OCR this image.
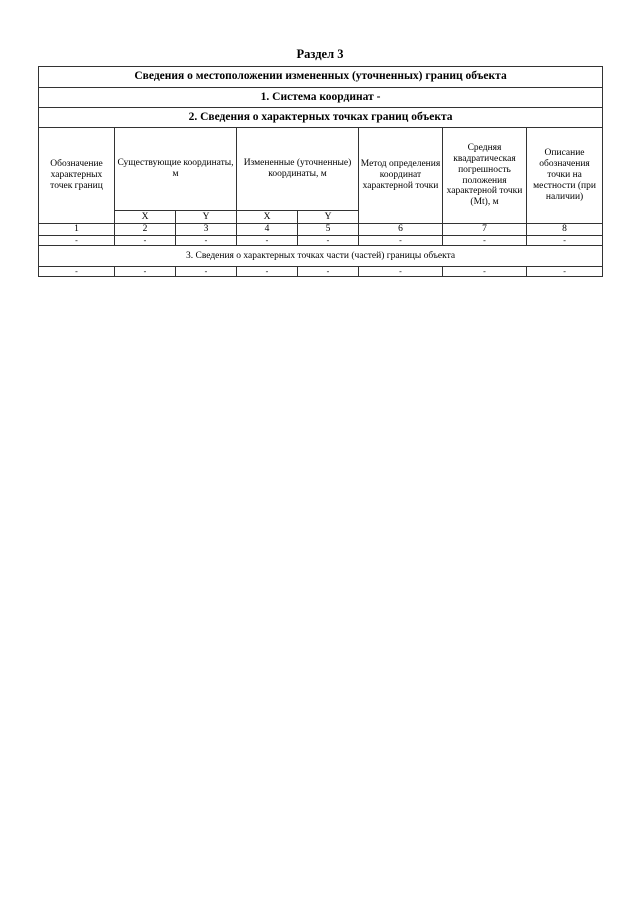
Раздел 3
Сведения о местоположении измененных (уточненных) границ объекта							
1. Система координат -							
2. Сведения о характерных точках границ объекта							
Обозначение характерных точек границ	Существующие координаты, м		Измененные (уточненные) координаты, м		Метод определения координат характерной точки	Средняя квадратическая погрешность положения характерной точки (Мt), м	Описание обозначения точки на местности (при наличии)
	X	Y	X	Y			
1	2	3	4	5	6	7	8
-	-	-	-	-	-	-	-
3. Сведения о характерных точках части (частей) границы объекта							
-	-	-	-	-	-	-	-
